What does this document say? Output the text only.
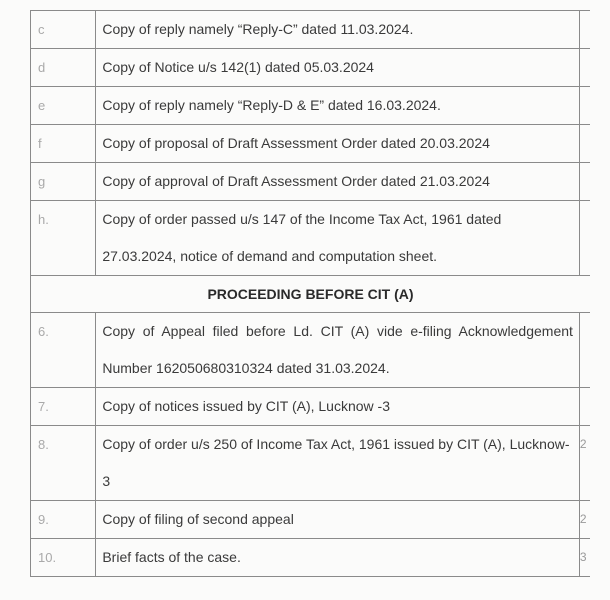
c	Copy of reply namely “Reply-C” dated 11.03.2024.	
d	Copy of Notice u/s 142(1) dated 05.03.2024	
e	Copy of reply namely “Reply-D & E” dated 16.03.2024.	
f	Copy of proposal of Draft Assessment Order dated 20.03.2024	
g	Copy of approval of Draft Assessment Order dated 21.03.2024	
h.	Copy of order passed u/s 147 of the Income Tax Act, 1961 dated 27.03.2024, notice of demand and computation sheet.	
PROCEEDING BEFORE CIT (A)		
6.	Copy of Appeal filed before Ld. CIT (A) vide e-filing Acknowledgement Number 162050680310324 dated 31.03.2024.	
7.	Copy of notices issued by CIT (A), Lucknow -3	
8.	Copy of order u/s 250 of Income Tax Act, 1961 issued by CIT (A), Lucknow-3	2
9.	Copy of filing of second appeal	2
10.	Brief facts of the case.	3
